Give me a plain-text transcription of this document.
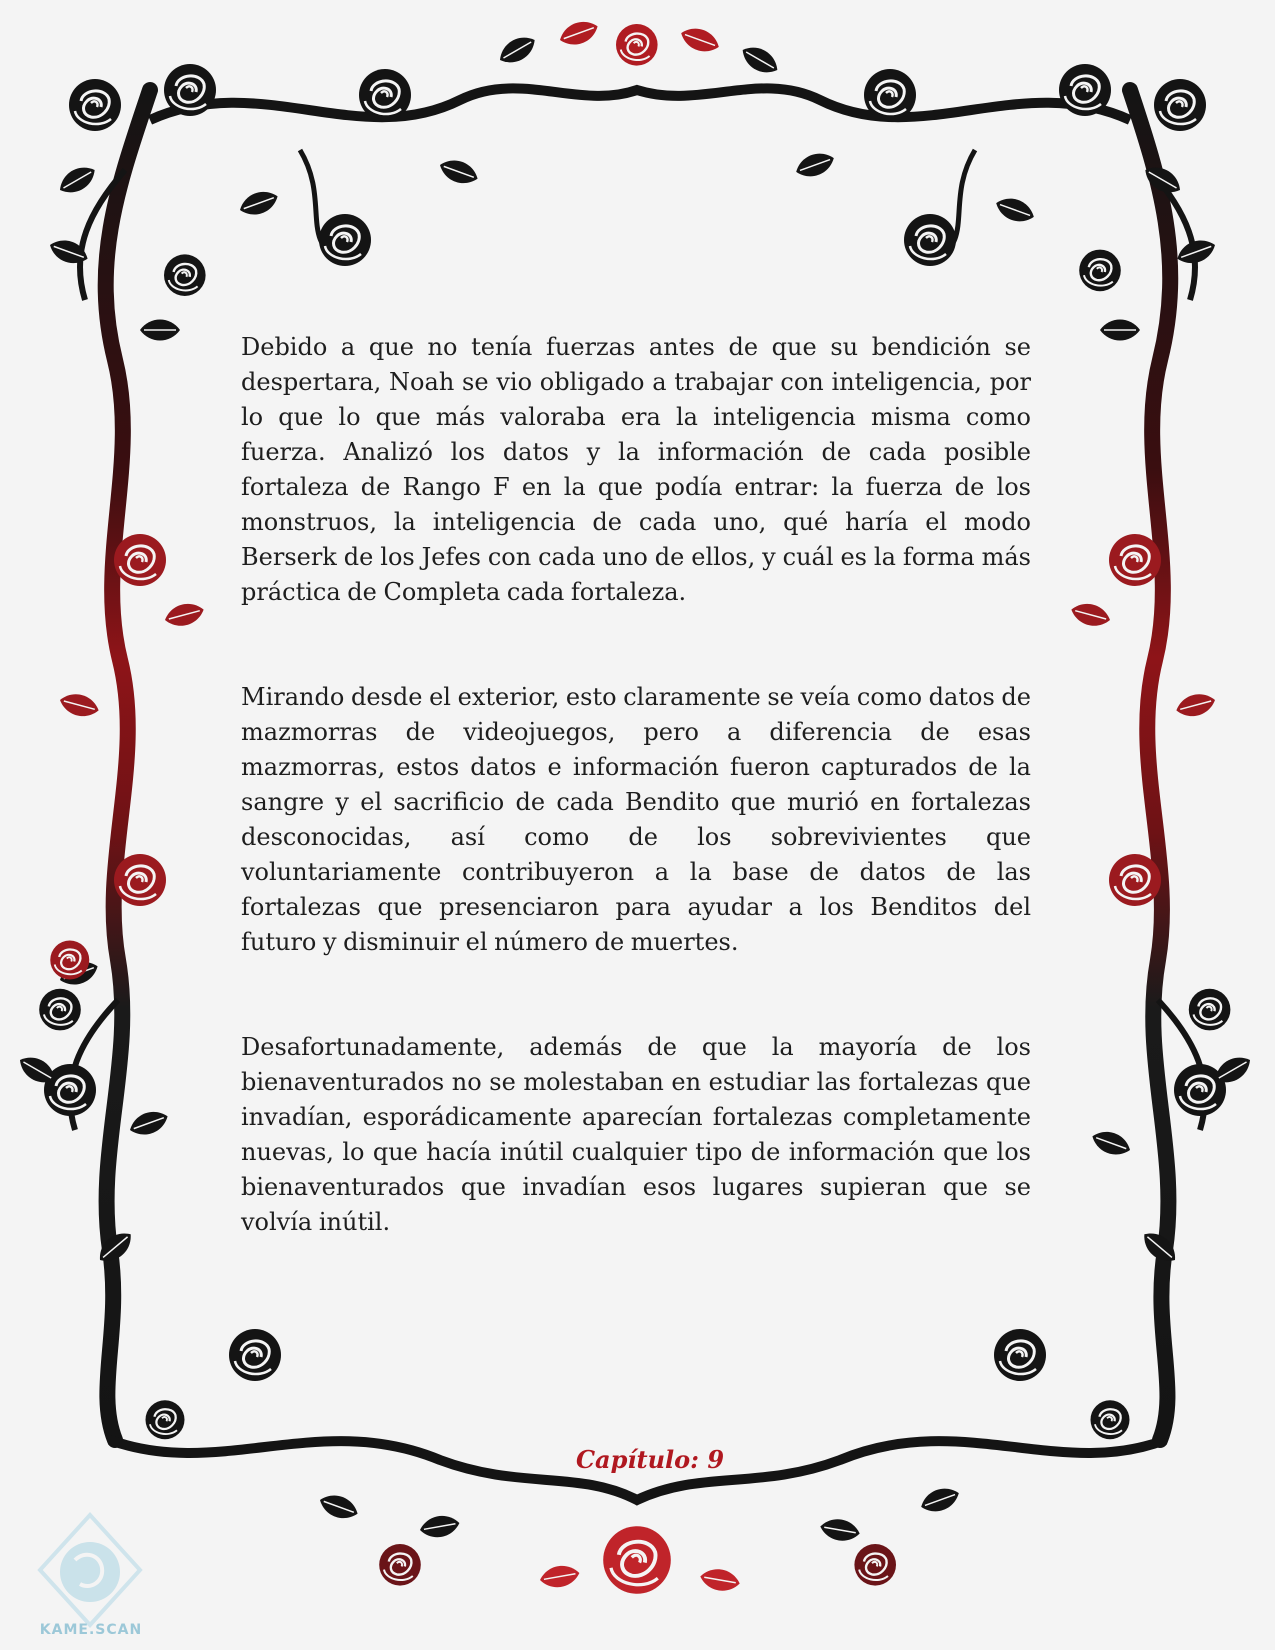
KAME.SCAN

Debido a que no tenía fuerzas antes de que su bendición se despertara, Noah se vio obligado a trabajar con inteligencia, por lo que lo que más valoraba era la inteligencia misma como fuerza. Analizó los datos y la información de cada posible fortaleza de Rango F en la que podía entrar: la fuerza de los monstruos, la inteligencia de cada uno, qué haría el modo Berserk de los Jefes con cada uno de ellos, y cuál es la forma más práctica de Completa cada fortaleza.

Mirando desde el exterior, esto claramente se veía como datos de mazmorras de videojuegos, pero a diferencia de esas mazmorras, estos datos e información fueron capturados de la sangre y el sacrificio de cada Bendito que murió en fortalezas desconocidas, así como de los sobrevivientes que voluntariamente contribuyeron a la base de datos de las fortalezas que presenciaron para ayudar a los Benditos del futuro y disminuir el número de muertes.

Desafortunadamente, además de que la mayoría de los bienaventurados no se molestaban en estudiar las fortalezas que invadían, esporádicamente aparecían fortalezas completamente nuevas, lo que hacía inútil cualquier tipo de información que los bienaventurados que invadían esos lugares supieran que se volvía inútil.

Capítulo: 9
